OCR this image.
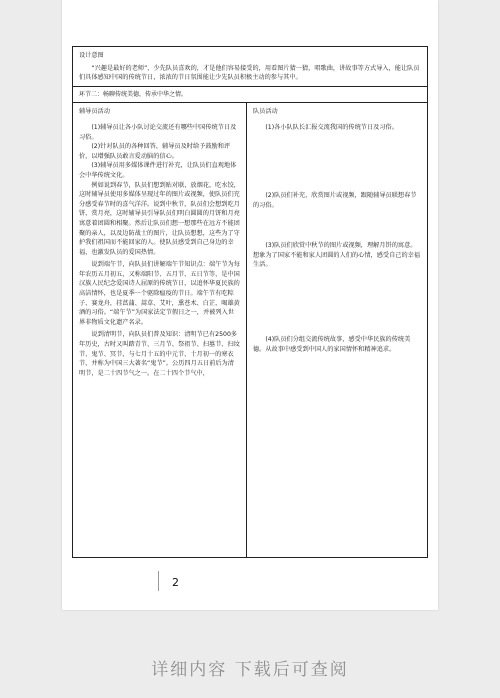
设计意图

“兴趣是最好的老师”，少先队员喜欢的，才是他们容易接受的，用看图片猜一猜，唱歌曲，讲故事等方式导入，能让队员们具体感知中国的传统节日，浓浓的节日氛围能让少先队员积极主动的参与其中。

环节二：畅聊传统美德，传承中华之情。
辅导员活动

(1)辅导员让各小队讨论交流还有哪些中国传统节日及习俗。

(2)针对队员的各种回答，辅导员及时给予鼓励和评价，以增强队员敢言爱动脑的信心。

(3)辅导员用多媒体课件进行补充，让队员们直观地体会中华传统文化。

例如说到春节，队员们想到贴对联，放烟花，吃水饺，这时辅导员使用多媒体呈现过年的图片或视频，使队员们充分感受春节时的喜气洋洋。说到中秋节，队员们会想到吃月饼，赏月亮，这时辅导员引导队员们明白圆圆的月饼和月亮寓意着团圆和相聚。然后让队员们想一想那些在远方不能团聚的亲人，以及边防战士的图片，让队员想想，这些为了守护我们祖国而不能回家的人。使队员感受到自己身边的幸福，也激发队员的爱国热情。

说到端午节，向队员们讲解端午节知识点：端午节为每年农历五月初五，又称端阳节、五月节、五日节等，是中国汉族人民纪念爱国诗人屈原的传统节日，以追怀华夏民族的高洁情怀，也是夏季一个驱除瘟疫的节日。端午节有吃粽子、赛龙舟，挂菖蒲、蒿草、艾叶，熏苍术、白芷，喝雄黄酒的习俗。“端午节”为国家法定节假日之一，并被列入世界非物质文化遗产名录。

说到清明节，向队员们普及知识：清明节已有2500多年历史，古时又叫踏青节、三月节、祭祖节、扫墓节、扫坟节、鬼节、冥节，与七月十五的中元节、十月初一的寒衣节，并称为中国三大著名“鬼节”。公历四月五日前后为清明节，是二十四节气之一。在二十四个节气中，

队员活动

(1)各小队队长汇报交流我国的传统节日及习俗。

(2)队员们补充，欣赏图片或视频，跟随辅导员联想春节的习俗。

(3)队员们欣赏中秋节的图片或视频，理解月饼的寓意。想象为了国家不能和家人团圆的人们的心情，感受自己的幸福生活。

(4)队员们分组交流传统故事，感受中华民族的传统美德。从故事中感受到中国人的家国情怀和精神追求。

2
详细内容 下载后可查阅
